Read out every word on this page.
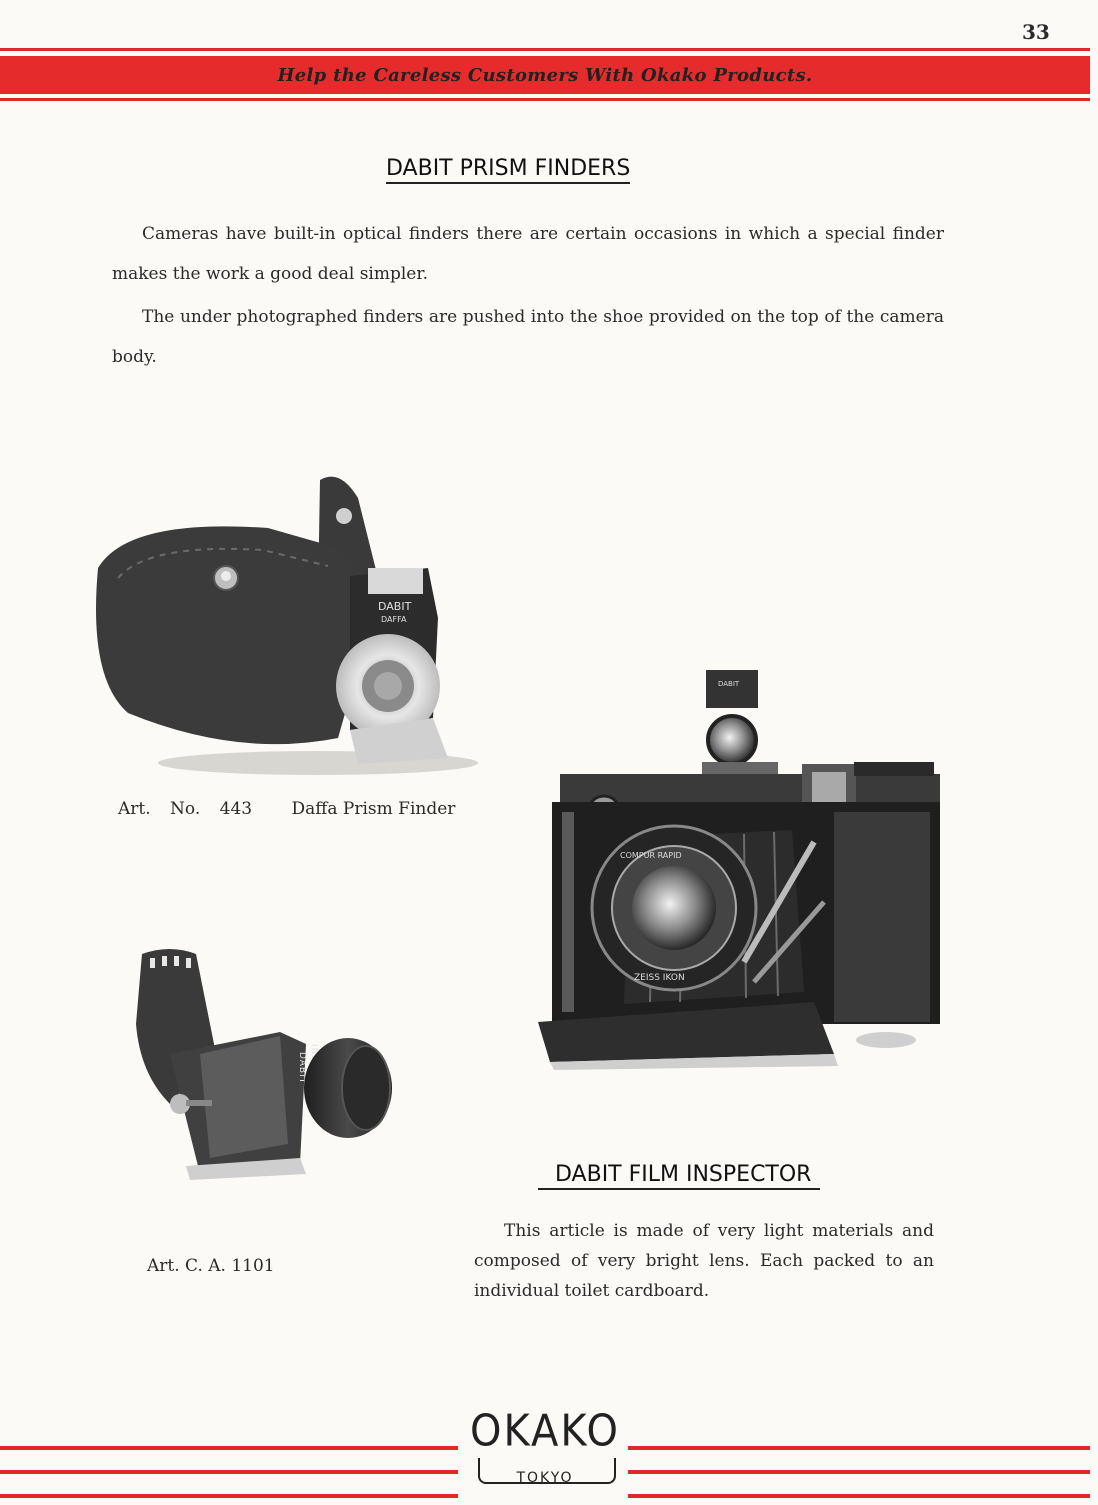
33
Help the Careless Customers With Okako Products.
DABIT PRISM FINDERS
Cameras have built-in optical finders there are certain occasions in which a special finder makes the work a good deal simpler.
The under photographed finders are pushed into the shoe provided on the top of the camera body.
DABIT
DAFFA
Art. No. 443 Daffa Prism Finder
DABIT
COMPUR RAPID
ZEISS IKON
DABIT
Art. C. A. 1101
DABIT FILM INSPECTOR
This article is made of very light materials and composed of very bright lens. Each packed to an individual toilet cardboard.
OKAKO
TOKYO
